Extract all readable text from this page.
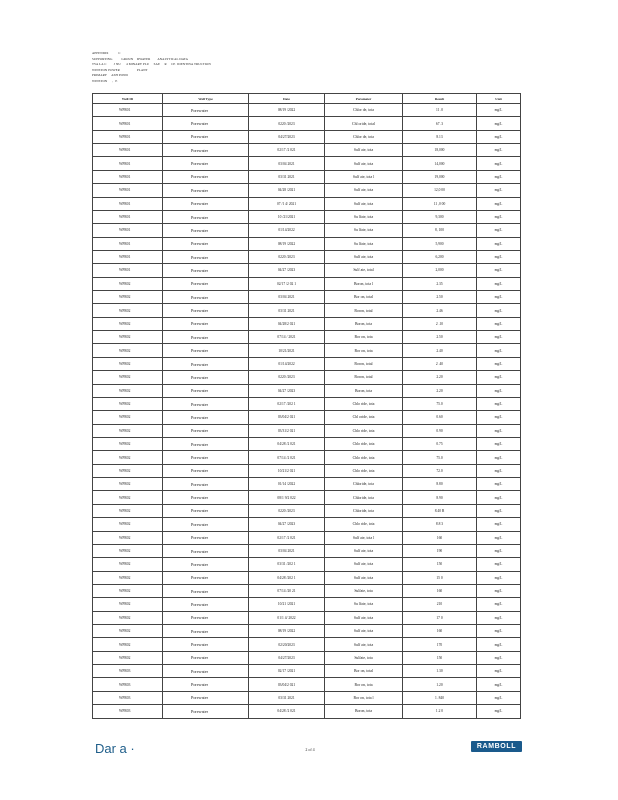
APPENDIX           C
SUPPORTING          GROUN    DWATER        ANALYTICAL DATA
TVA LA C        J NU      4 MINARY PLU     SAE     R     CE  IDENTINA TRUCTION
WINSTON POWER                   PLANT
PRIMARY     ASH POND
WINSTON     ,   E
Well ID	Well Type	Date	Parameter	Result	Unit
WPR01	Porewater	08/19 /2022	Chlor de, tota	11 .0	mg/L
WPR01	Porewater	0220 /2023	Chl oride, total	67 .3	mg/L
WPR01	Porewater	04/27/2023	Chlor de, tota	8.13	mg/L
WPR01	Porewater	02/17 /2 021	Sulf ate, tota	18,000	mg/L
WPR01	Porewater	03/04 2021	Sulf ate, tota	14,000	mg/L
WPR01	Porewater	03/31 2021	Sulf ate, tota l	19,000	mg/L
WPR01	Porewater	04/28 /2021	Sulf ate, tota	12,0 00	mg/L
WPR01	Porewater	07 /1 4/ 2021	Sulf ate, tota	11 ,0 00	mg/L
WPR01	Porewater	10 /21/2021	Su lfate, tota	9,300	mg/L
WPR01	Porewater	01/14/2022	Su lfate, tota	8, 100	mg/L
WPR01	Porewater	08/19 /2022	Su lfate, tota	5,900	mg/L
WPR01	Porewater	0220 /2023	Sulf ate, tota	6,200	mg/L
WPR01	Porewater	04/27 /2023	Sulf ate, total	2,000	mg/L
WPR02	Porewater	02/17 /2 02 1	Boron, tota l	2.35	mg/L
WPR02	Porewater	03/04 2021	Bor on, total	2.50	mg/L
WPR02	Porewater	03/31 2021	Boron, total	2.46	mg/L
WPR02	Porewater	04/28/2 021	Boron, tota	2 .10	mg/L
WPR02	Porewater	07/14 / 2021	Bor on, tota	2.50	mg/L
WPR02	Porewater	10/21/2021	Bor on, tota	2.40	mg/L
WPR02	Porewater	01/14/2022	Boron, total	2 .40	mg/L
WPR02	Porewater	0220 /2023	Boron, total	2.20	mg/L
WPR02	Porewater	04/27 /2023	Boron, tota	2.20	mg/L
WPR02	Porewater	02/17 /202 1	Chlo ride, tota	75.0	mg/L
WPR02	Porewater	03/04/2 021	Chl oride, tota	0.60	mg/L
WPR02	Porewater	03/31/2 021	Chlo ride, tota	0.90	mg/L
WPR02	Porewater	04/28 /2 021	Chlo ride, tota	0.75	mg/L
WPR02	Porewater	07/14 /2 021	Chlo ride, tota	75.0	mg/L
WPR02	Porewater	10/21/2 021	Chlo ride, tota	72.0	mg/L
WPR02	Porewater	01/14 /2022	Chloride, tota	8.80	mg/L
WPR02	Porewater	08/1 9/2 022	Chloride, tota	8.90	mg/L
WPR02	Porewater	0220 /2023	Chloride, tota	8.40 B	mg/L
WPR02	Porewater	04/27 /2023	Chlo ride, tota	8.8 3	mg/L
WPR02	Porewater	02/17 /2 021	Sulf ate, tota l	160	mg/L
WPR02	Porewater	03/04 2021	Sulf ate, tota	190	mg/L
WPR02	Porewater	03/31 /202 1	Sulf ate, tota	150	mg/L
WPR02	Porewater	04/28 /202 1	Sulf ate, tota	15 0	mg/L
WPR02	Porewater	07/14 /20 21	Sulfate, tota	160	mg/L
WPR02	Porewater	10/21 /2021	Su lfate, tota	210	mg/L
WPR02	Porewater	01/1 4/ 2022	Sulf ate, tota	17 0	mg/L
WPR02	Porewater	08/19 /2022	Sulf ate, tota	160	mg/L
WPR02	Porewater	02/20/2023	Sulf ate, tota	170	mg/L
WPR02	Porewater	04/27/2023	Sulfate, tota	150	mg/L
WPR03	Porewater	02/17 /2021	Bor on, total	1.30	mg/L
WPR03	Porewater	03/04/2 021	Bor on, tota	1.20	mg/L
WPR03	Porewater	03/31 2021	Bor on, tota l	1. 840	mg/L
WPR03	Porewater	04/28 /2 021	Boron, tota	1.2 0	mg/L
Dar a ·	2 of 4	RAMBOLL
